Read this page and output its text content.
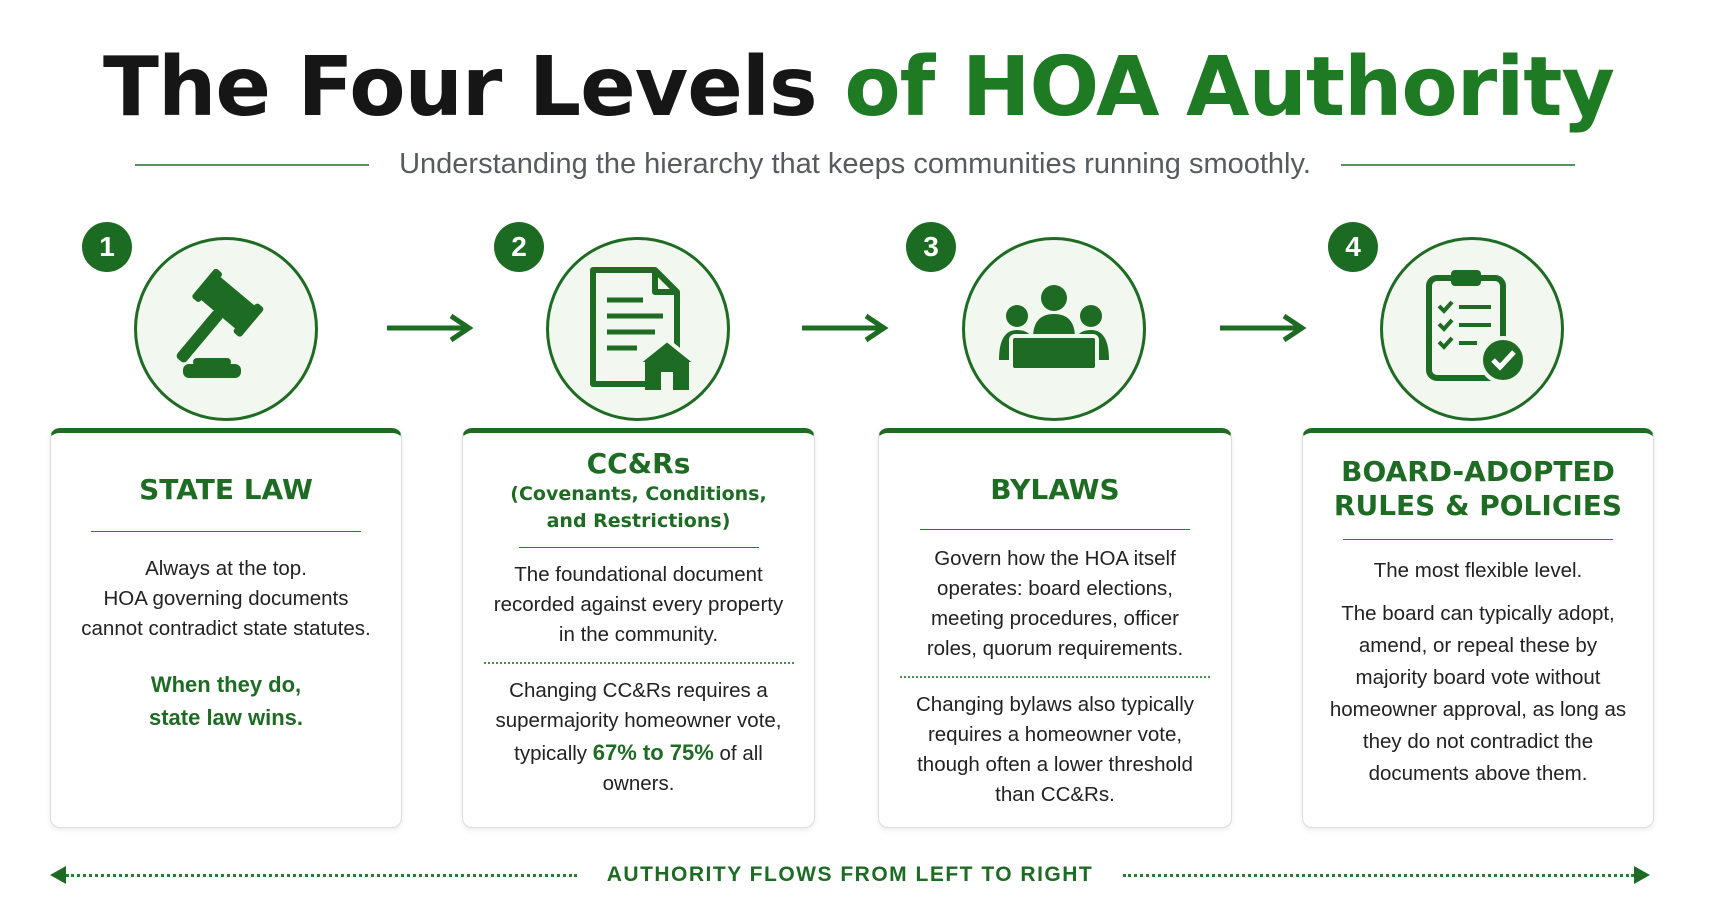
The Four Levels of HOA Authority
Understanding the hierarchy that keeps communities running smoothly.
1
STATE LAW
Always at the top.
HOA governing documents cannot contradict state statutes.
When they do,
state law wins.
2
CC&Rs
(Covenants, Conditions,
and Restrictions)
The foundational document recorded against every property in the community.
Changing CC&Rs requires a supermajority homeowner vote, typically 67% to 75% of all owners.
3
BYLAWS
Govern how the HOA itself operates: board elections, meeting procedures, officer roles, quorum requirements.
Changing bylaws also typically requires a homeowner vote, though often a lower threshold than CC&Rs.
4
BOARD-ADOPTED
RULES & POLICIES
The most flexible level.
The board can typically adopt, amend, or repeal these by majority board vote without homeowner approval, as long as they do not contradict the documents above them.
AUTHORITY FLOWS FROM LEFT TO RIGHT
